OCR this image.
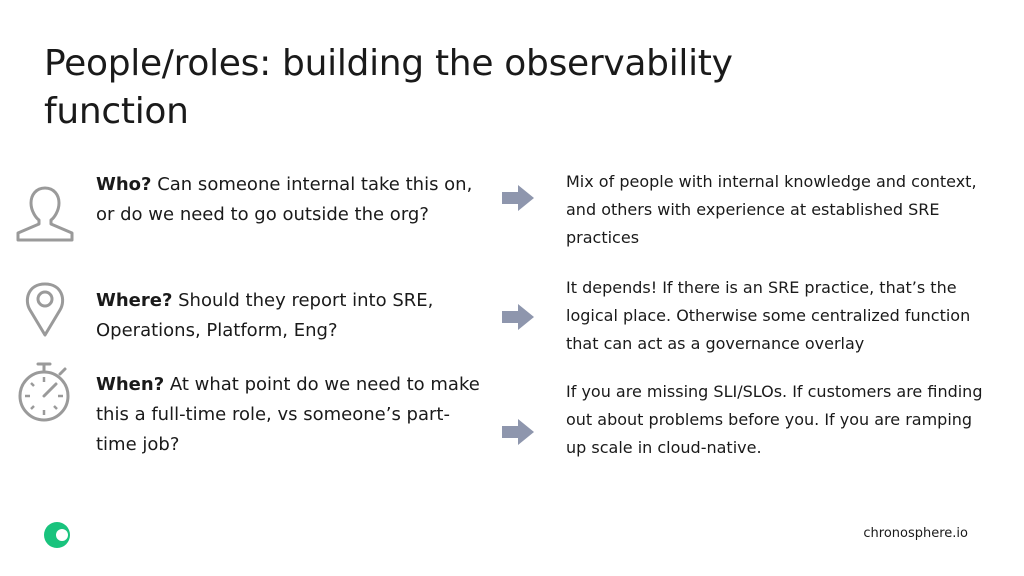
People/roles: building the observability function
Who? Can someone internal take this on, or do we need to go outside the org?
Mix of people with internal knowledge and context, and others with experience at established SRE practices
Where? Should they report into SRE, Operations, Platform, Eng?
It depends! If there is an SRE practice, that’s the logical place. Otherwise some centralized function that can act as a governance overlay
When? At what point do we need to make this a full-time role, vs someone’s part-time job?
If you are missing SLI/SLOs. If customers are finding out about problems before you. If you are ramping up scale in cloud-native.
chronosphere.io
